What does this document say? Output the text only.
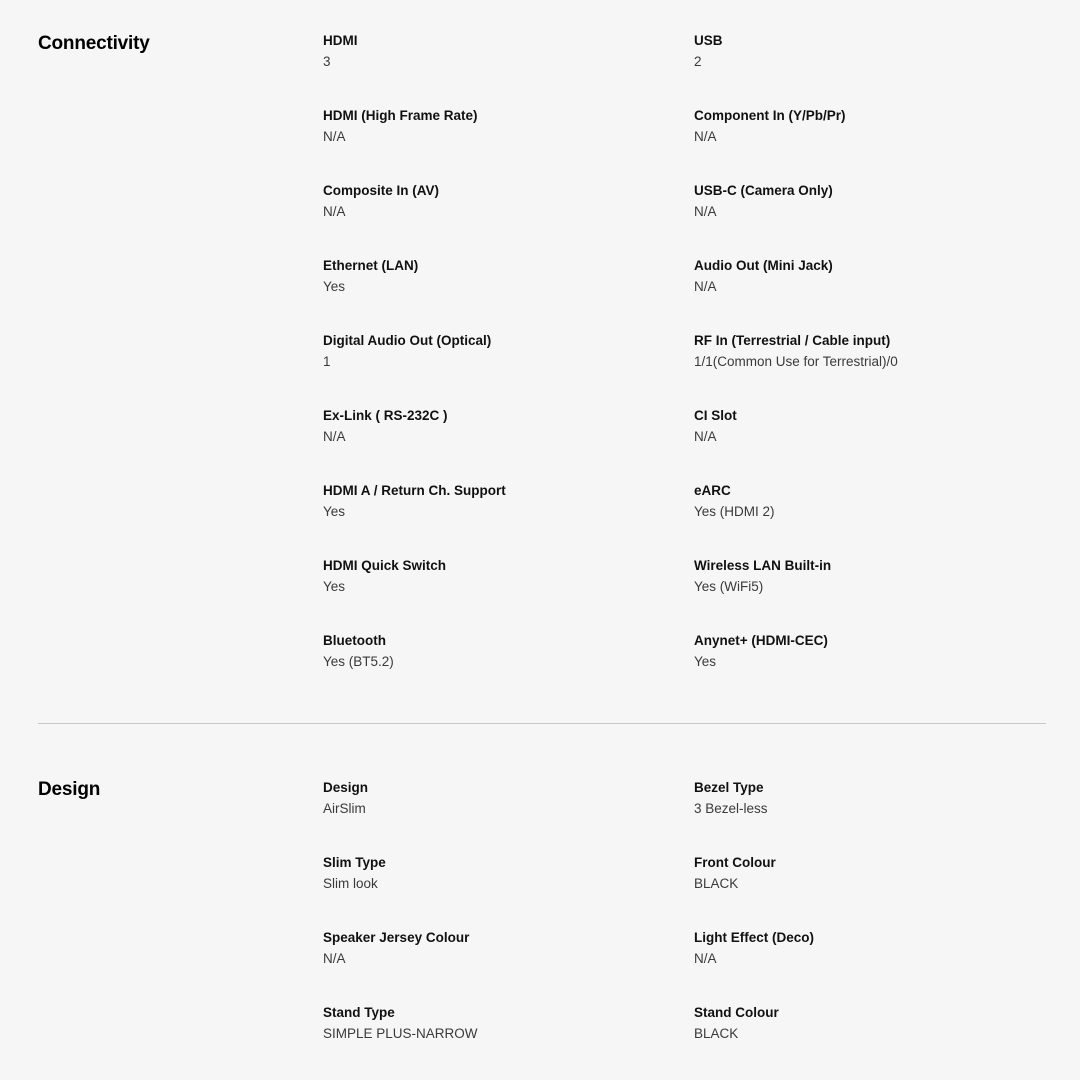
Connectivity	HDMI
3
USB
2
HDMI (High Frame Rate)
N/A
Component In (Y/Pb/Pr)
N/A
Composite In (AV)
N/A
USB-C (Camera Only)
N/A
Ethernet (LAN)
Yes
Audio Out (Mini Jack)
N/A
Digital Audio Out (Optical)
1
RF In (Terrestrial / Cable input)
1/1(Common Use for Terrestrial)/0
Ex-Link ( RS-232C )
N/A
CI Slot
N/A
HDMI A / Return Ch. Support
Yes
eARC
Yes (HDMI 2)
HDMI Quick Switch
Yes
Wireless LAN Built-in
Yes (WiFi5)
Bluetooth
Yes (BT5.2)
Anynet+ (HDMI-CEC)
Yes
Design	Design
AirSlim
Bezel Type
3 Bezel-less
Slim Type
Slim look
Front Colour
BLACK
Speaker Jersey Colour
N/A
Light Effect (Deco)
N/A
Stand Type
SIMPLE PLUS-NARROW
Stand Colour
BLACK
